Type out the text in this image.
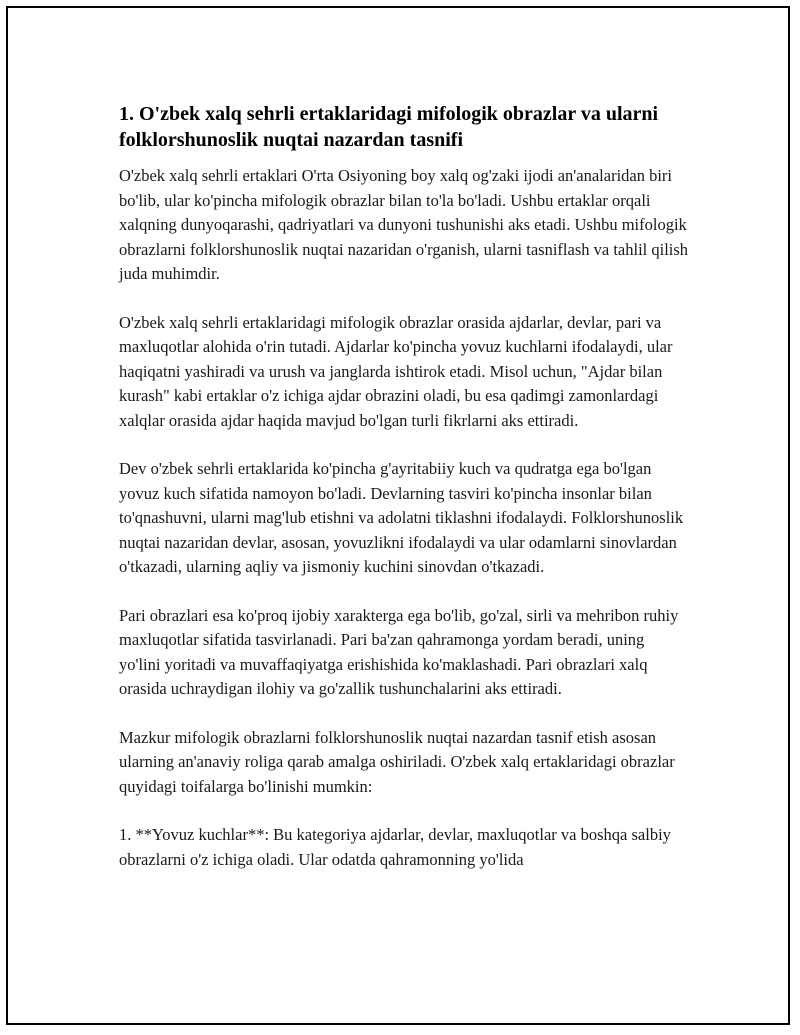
1. O'zbek xalq sehrli ertaklaridagi mifologik obrazlar va ularni folklorshunoslik nuqtai nazardan tasnifi

O'zbek xalq sehrli ertaklari O'rta Osiyoning boy xalq og'zaki ijodi an'analaridan biri bo'lib, ular ko'pincha mifologik obrazlar bilan to'la bo'ladi. Ushbu ertaklar orqali xalqning dunyoqarashi, qadriyatlari va dunyoni tushunishi aks etadi. Ushbu mifologik obrazlarni folklorshunoslik nuqtai nazaridan o'rganish, ularni tasniflash va tahlil qilish juda muhimdir.

O'zbek xalq sehrli ertaklaridagi mifologik obrazlar orasida ajdarlar, devlar, pari va maxluqotlar alohida o'rin tutadi. Ajdarlar ko'pincha yovuz kuchlarni ifodalaydi, ular haqiqatni yashiradi va urush va janglarda ishtirok etadi. Misol uchun, "Ajdar bilan kurash" kabi ertaklar o'z ichiga ajdar obrazini oladi, bu esa qadimgi zamonlardagi xalqlar orasida ajdar haqida mavjud bo'lgan turli fikrlarni aks ettiradi.

Dev o'zbek sehrli ertaklarida ko'pincha g'ayritabiiy kuch va qudratga ega bo'lgan yovuz kuch sifatida namoyon bo'ladi. Devlarning tasviri ko'pincha insonlar bilan to'qnashuvni, ularni mag'lub etishni va adolatni tiklashni ifodalaydi. Folklorshunoslik nuqtai nazaridan devlar, asosan, yovuzlikni ifodalaydi va ular odamlarni sinovlardan o'tkazadi, ularning aqliy va jismoniy kuchini sinovdan o'tkazadi.

Pari obrazlari esa ko'proq ijobiy xarakterga ega bo'lib, go'zal, sirli va mehribon ruhiy maxluqotlar sifatida tasvirlanadi. Pari ba'zan qahramonga yordam beradi, uning yo'lini yoritadi va muvaffaqiyatga erishishida ko'maklashadi. Pari obrazlari xalq orasida uchraydigan ilohiy va go'zallik tushunchalarini aks ettiradi.

Mazkur mifologik obrazlarni folklorshunoslik nuqtai nazardan tasnif etish asosan ularning an'anaviy roliga qarab amalga oshiriladi. O'zbek xalq ertaklaridagi obrazlar quyidagi toifalarga bo'linishi mumkin:

1. **Yovuz kuchlar**: Bu kategoriya ajdarlar, devlar, maxluqotlar va boshqa salbiy obrazlarni o'z ichiga oladi. Ular odatda qahramonning yo'lida
